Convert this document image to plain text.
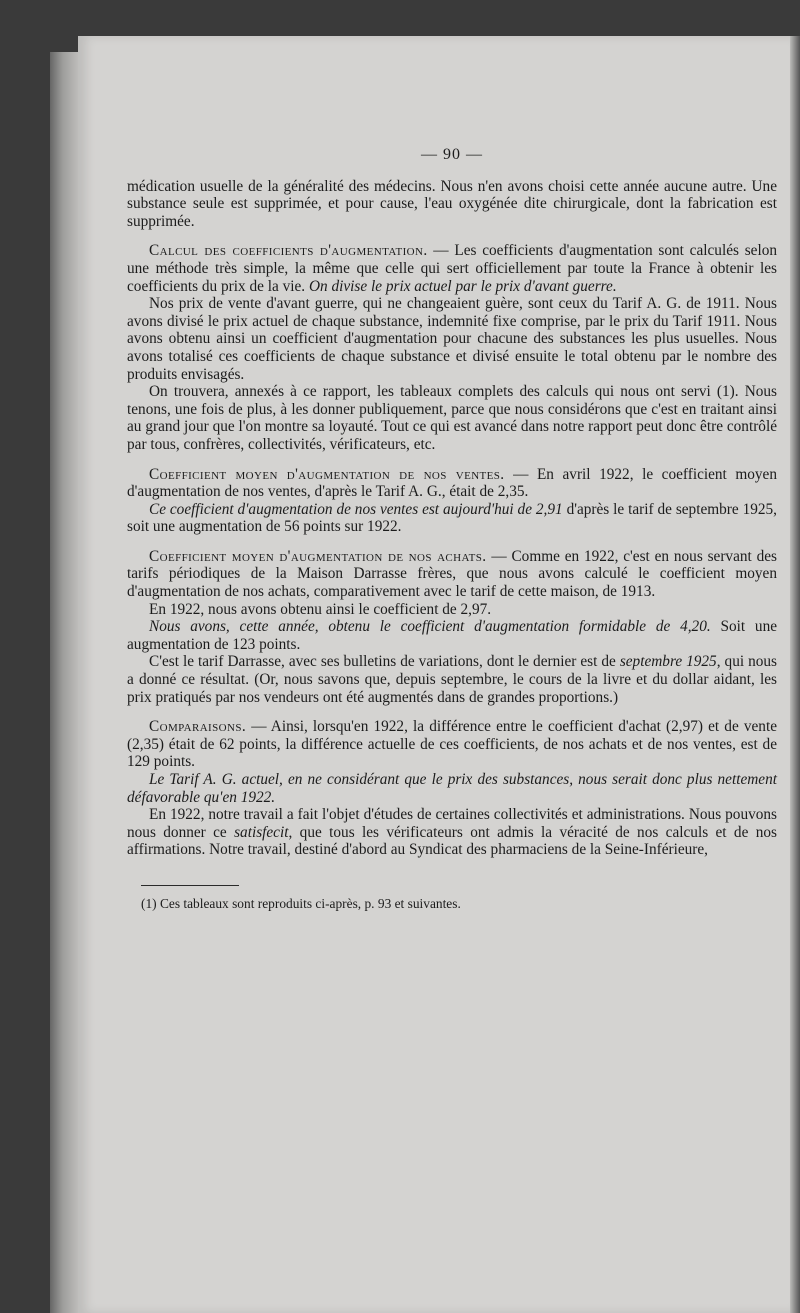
— 90 —

médication usuelle de la généralité des médecins. Nous n'en avons choisi cette année aucune autre. Une substance seule est supprimée, et pour cause, l'eau oxygénée dite chirurgicale, dont la fabrication est supprimée.

Calcul des coefficients d'augmentation. — Les coefficients d'augmentation sont calculés selon une méthode très simple, la même que celle qui sert officiellement par toute la France à obtenir les coefficients du prix de la vie. On divise le prix actuel par le prix d'avant guerre.

Nos prix de vente d'avant guerre, qui ne changeaient guère, sont ceux du Tarif A. G. de 1911. Nous avons divisé le prix actuel de chaque substance, indemnité fixe comprise, par le prix du Tarif 1911. Nous avons obtenu ainsi un coefficient d'augmentation pour chacune des substances les plus usuelles. Nous avons totalisé ces coefficients de chaque substance et divisé ensuite le total obtenu par le nombre des produits envisagés.

On trouvera, annexés à ce rapport, les tableaux complets des calculs qui nous ont servi (1). Nous tenons, une fois de plus, à les donner publiquement, parce que nous considérons que c'est en traitant ainsi au grand jour que l'on montre sa loyauté. Tout ce qui est avancé dans notre rapport peut donc être contrôlé par tous, confrères, collectivités, vérificateurs, etc.

Coefficient moyen d'augmentation de nos ventes. — En avril 1922, le coefficient moyen d'augmentation de nos ventes, d'après le Tarif A. G., était de 2,35.

Ce coefficient d'augmentation de nos ventes est aujourd'hui de 2,91 d'après le tarif de septembre 1925, soit une augmentation de 56 points sur 1922.

Coefficient moyen d'augmentation de nos achats. — Comme en 1922, c'est en nous servant des tarifs périodiques de la Maison Darrasse frères, que nous avons calculé le coefficient moyen d'augmentation de nos achats, comparativement avec le tarif de cette maison, de 1913.

En 1922, nous avons obtenu ainsi le coefficient de 2,97.

Nous avons, cette année, obtenu le coefficient d'augmentation formidable de 4,20. Soit une augmentation de 123 points.

C'est le tarif Darrasse, avec ses bulletins de variations, dont le dernier est de septembre 1925, qui nous a donné ce résultat. (Or, nous savons que, depuis septembre, le cours de la livre et du dollar aidant, les prix pratiqués par nos vendeurs ont été augmentés dans de grandes proportions.)

Comparaisons. — Ainsi, lorsqu'en 1922, la différence entre le coefficient d'achat (2,97) et de vente (2,35) était de 62 points, la différence actuelle de ces coefficients, de nos achats et de nos ventes, est de 129 points.

Le Tarif A. G. actuel, en ne considérant que le prix des substances, nous serait donc plus nettement défavorable qu'en 1922.

En 1922, notre travail a fait l'objet d'études de certaines collectivités et administrations. Nous pouvons nous donner ce satisfecit, que tous les vérificateurs ont admis la véracité de nos calculs et de nos affirmations. Notre travail, destiné d'abord au Syndicat des pharmaciens de la Seine-Inférieure,

(1) Ces tableaux sont reproduits ci-après, p. 93 et suivantes.
